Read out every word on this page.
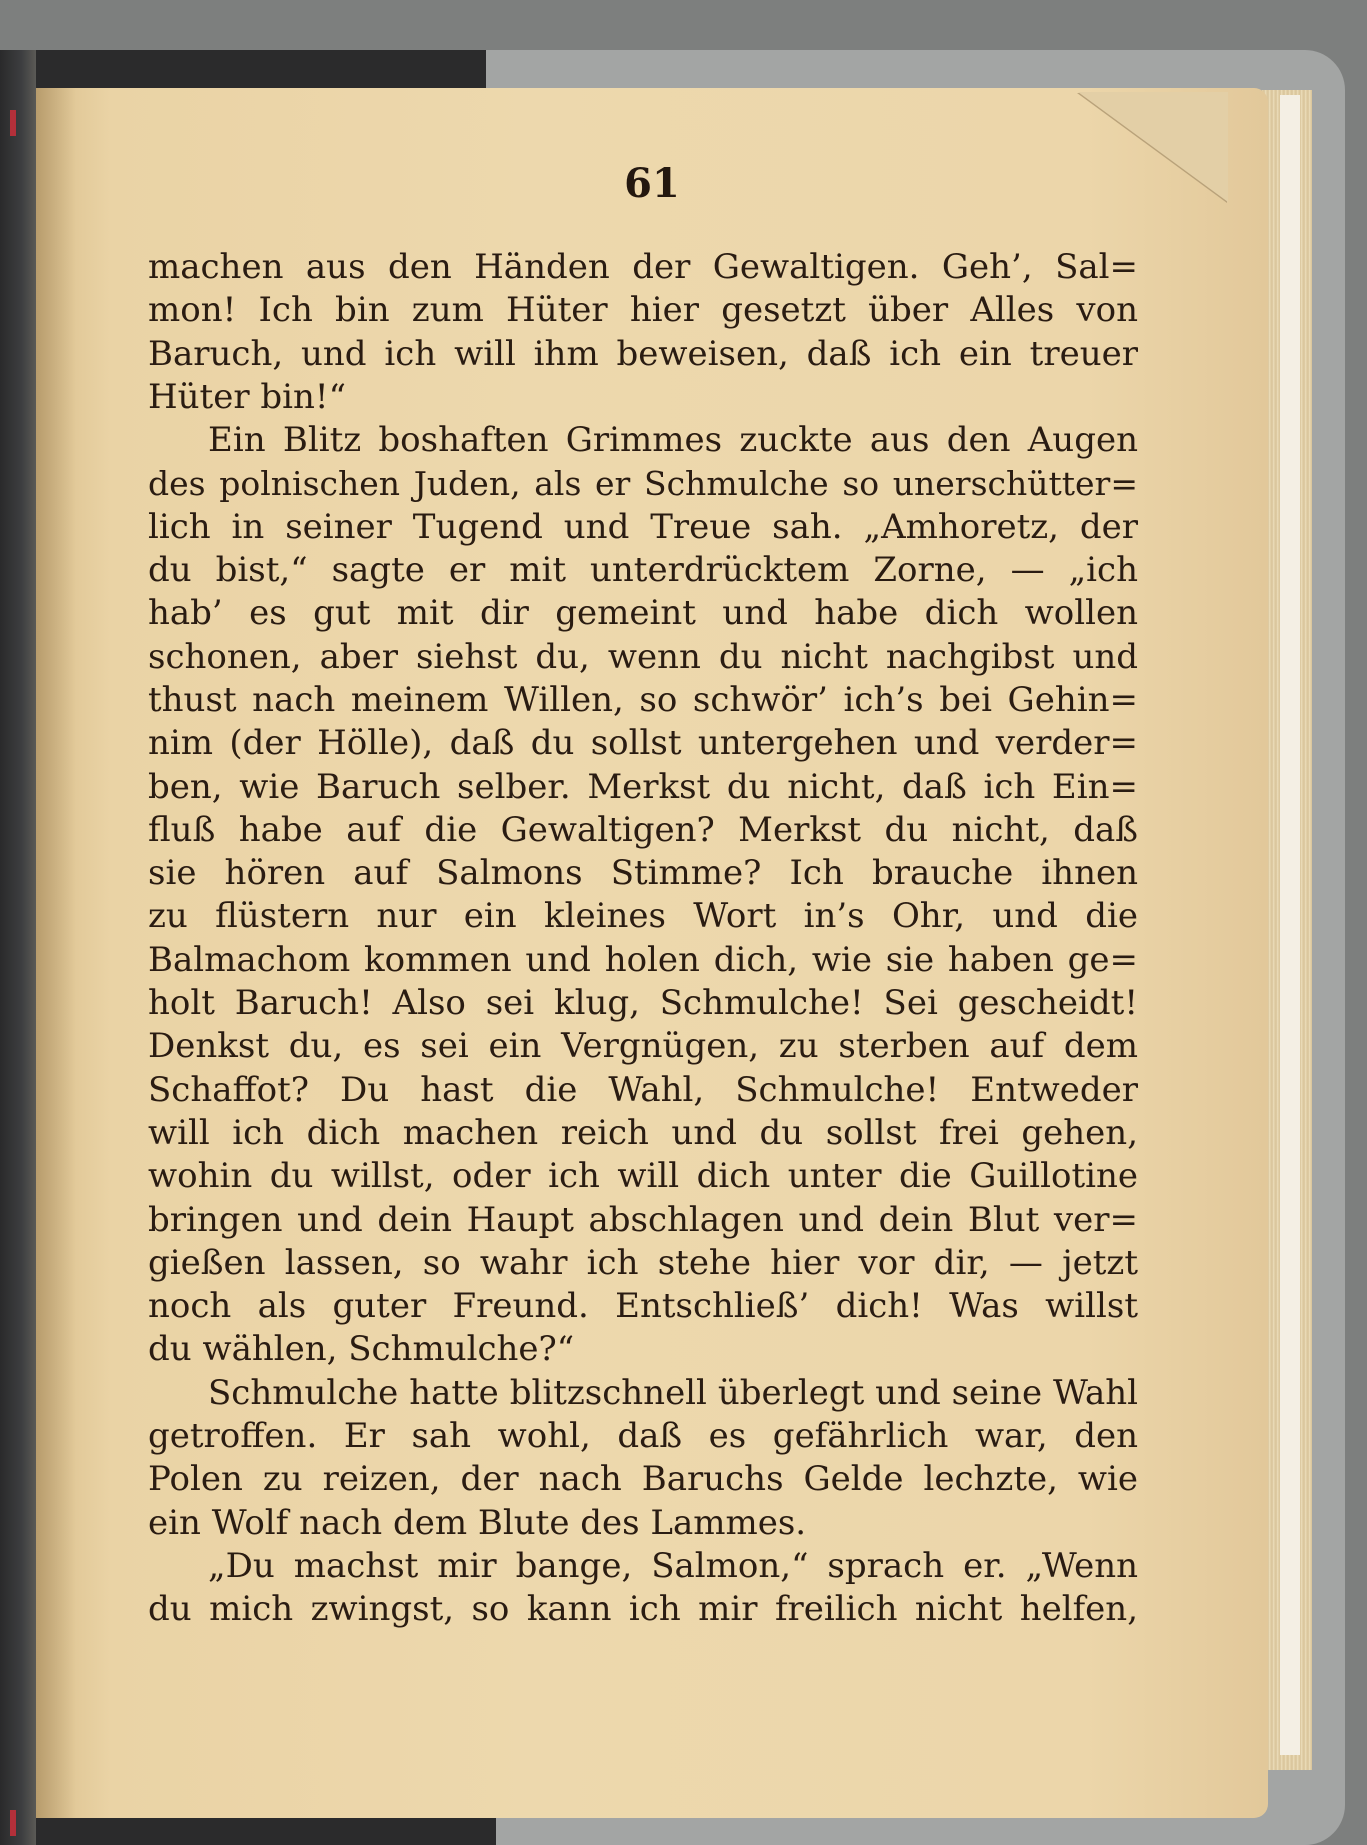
61

machen aus den Händen der Gewaltigen. Geh’, Sal=
mon! Ich bin zum Hüter hier gesetzt über Alles von
Baruch, und ich will ihm beweisen, daß ich ein treuer
Hüter bin!“
Ein Blitz boshaften Grimmes zuckte aus den Augen
des polnischen Juden, als er Schmulche so unerschütter=
lich in seiner Tugend und Treue sah. „Amhoretz, der
du bist,“ sagte er mit unterdrücktem Zorne, — „ich
hab’ es gut mit dir gemeint und habe dich wollen
schonen, aber siehst du, wenn du nicht nachgibst und
thust nach meinem Willen, so schwör’ ich’s bei Gehin=
nim (der Hölle), daß du sollst untergehen und verder=
ben, wie Baruch selber. Merkst du nicht, daß ich Ein=
fluß habe auf die Gewaltigen? Merkst du nicht, daß
sie hören auf Salmons Stimme? Ich brauche ihnen
zu flüstern nur ein kleines Wort in’s Ohr, und die
Balmachom kommen und holen dich, wie sie haben ge=
holt Baruch! Also sei klug, Schmulche! Sei gescheidt!
Denkst du, es sei ein Vergnügen, zu sterben auf dem
Schaffot? Du hast die Wahl, Schmulche! Entweder
will ich dich machen reich und du sollst frei gehen,
wohin du willst, oder ich will dich unter die Guillotine
bringen und dein Haupt abschlagen und dein Blut ver=
gießen lassen, so wahr ich stehe hier vor dir, — jetzt
noch als guter Freund. Entschließ’ dich! Was willst
du wählen, Schmulche?“
Schmulche hatte blitzschnell überlegt und seine Wahl
getroffen. Er sah wohl, daß es gefährlich war, den
Polen zu reizen, der nach Baruchs Gelde lechzte, wie
ein Wolf nach dem Blute des Lammes.
„Du machst mir bange, Salmon,“ sprach er. „Wenn
du mich zwingst, so kann ich mir freilich nicht helfen,
